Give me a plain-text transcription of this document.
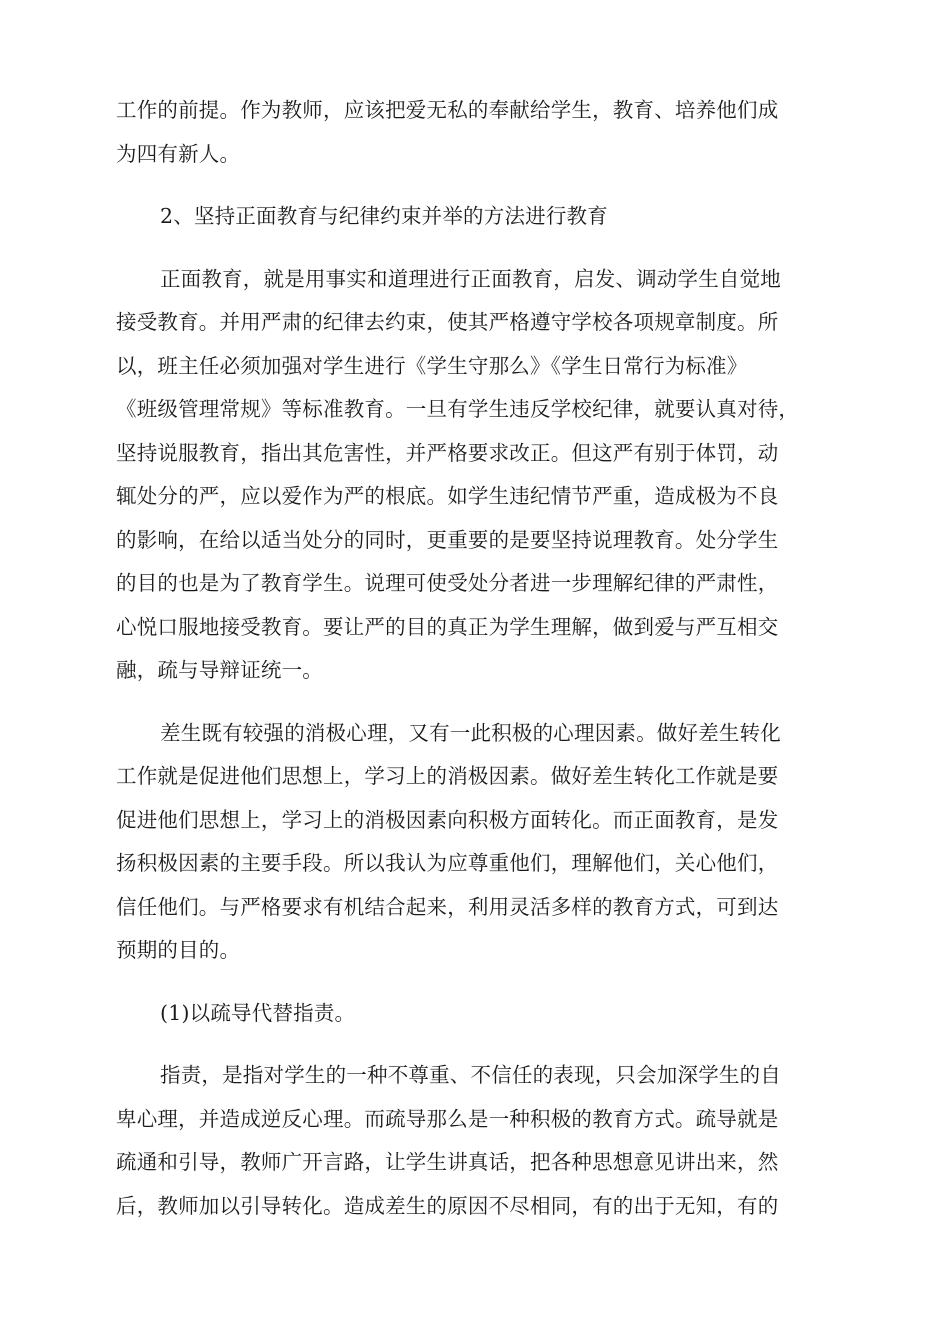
工作的前提。作为教师，应该把爱无私的奉献给学生，教育、培养他们成
为四有新人。
2、坚持正面教育与纪律约束并举的方法进行教育
正面教育，就是用事实和道理进行正面教育，启发、调动学生自觉地
接受教育。并用严肃的纪律去约束，使其严格遵守学校各项规章制度。所
以，班主任必须加强对学生进行《学生守那么》《学生日常行为标准》
《班级管理常规》等标准教育。一旦有学生违反学校纪律，就要认真对待，
坚持说服教育，指出其危害性，并严格要求改正。但这严有别于体罚，动
辄处分的严，应以爱作为严的根底。如学生违纪情节严重，造成极为不良
的影响，在给以适当处分的同时，更重要的是要坚持说理教育。处分学生
的目的也是为了教育学生。说理可使受处分者进一步理解纪律的严肃性，
心悦口服地接受教育。要让严的目的真正为学生理解，做到爱与严互相交
融，疏与导辩证统一。
差生既有较强的消极心理，又有一此积极的心理因素。做好差生转化
工作就是促进他们思想上，学习上的消极因素。做好差生转化工作就是要
促进他们思想上，学习上的消极因素向积极方面转化。而正面教育，是发
扬积极因素的主要手段。所以我认为应尊重他们，理解他们，关心他们，
信任他们。与严格要求有机结合起来，利用灵活多样的教育方式，可到达
预期的目的。
(1)以疏导代替指责。
指责，是指对学生的一种不尊重、不信任的表现，只会加深学生的自
卑心理，并造成逆反心理。而疏导那么是一种积极的教育方式。疏导就是
疏通和引导，教师广开言路，让学生讲真话，把各种思想意见讲出来，然
后，教师加以引导转化。造成差生的原因不尽相同，有的出于无知，有的
